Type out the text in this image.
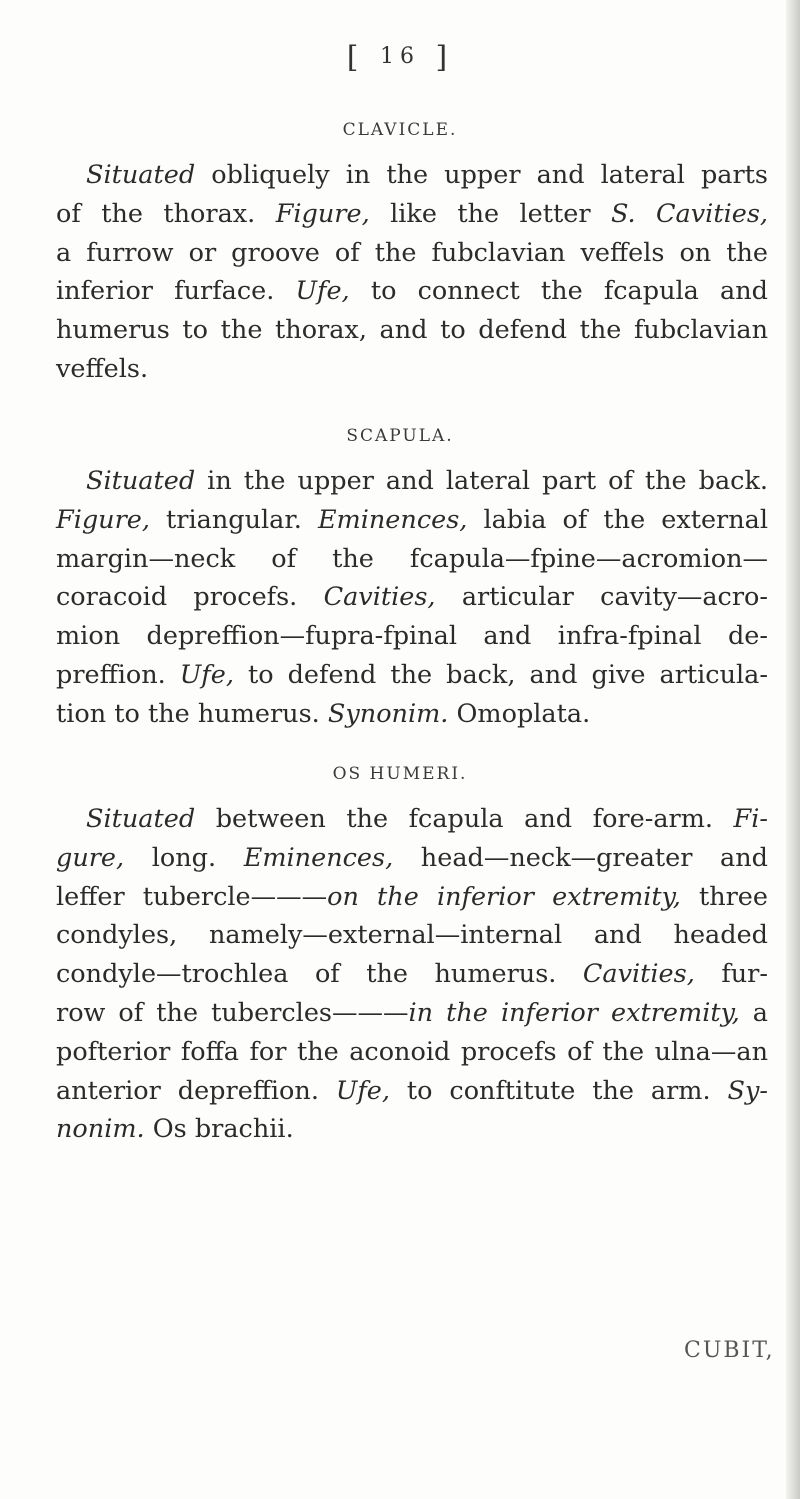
[ 16 ]
CLAVICLE.
Situated obliquely in the upper and lateral parts
of the thorax. Figure, like the letter S. Cavities,
a furrow or groove of the fubclavian veffels on the
inferior furface. Ufe, to connect the fcapula and
humerus to the thorax, and to defend the fubclavian
veffels.
SCAPULA.
Situated in the upper and lateral part of the back.
Figure, triangular. Eminences, labia of the external
margin—neck of the fcapula—fpine—acromion—
coracoid procefs. Cavities, articular cavity—acro-
mion depreffion—fupra-fpinal and infra-fpinal de-
preffion. Ufe, to defend the back, and give articula-
tion to the humerus. Synonim. Omoplata.
OS HUMERI.
Situated between the fcapula and fore-arm. Fi-
gure, long. Eminences, head—neck—greater and
leffer tubercle———on the inferior extremity, three
condyles, namely—external—internal and headed
condyle—trochlea of the humerus. Cavities, fur-
row of the tubercles———in the inferior extremity, a
pofterior foffa for the aconoid procefs of the ulna—an
anterior depreffion. Ufe, to conftitute the arm. Sy-
nonim. Os brachii.
CUBIT,
